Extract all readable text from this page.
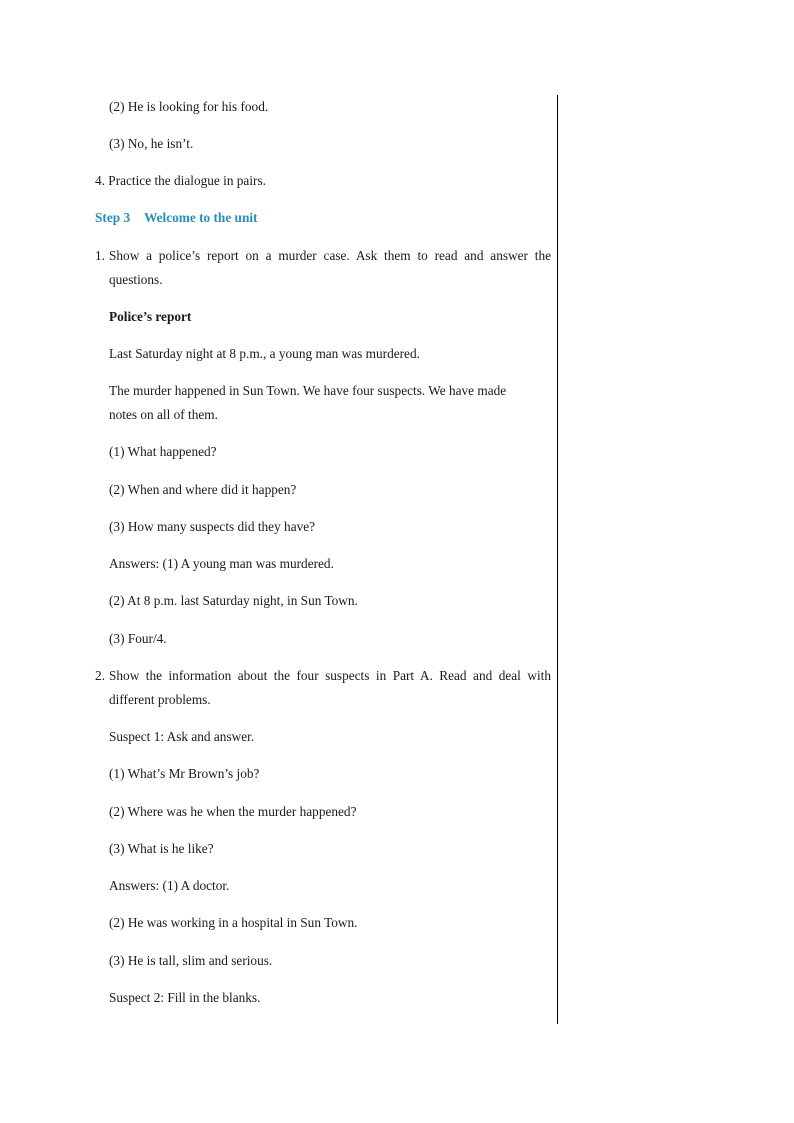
(2) He is looking for his food.
(3) No, he isn’t.
4. Practice the dialogue in pairs.
Step 3 Welcome to the unit
1. Show a police’s report on a murder case. Ask them to read and answer the questions.
Police’s report
Last Saturday night at 8 p.m., a young man was murdered.
The murder happened in Sun Town. We have four suspects. We have made
notes on all of them.
(1) What happened?
(2) When and where did it happen?
(3) How many suspects did they have?
Answers: (1) A young man was murdered.
(2) At 8 p.m. last Saturday night, in Sun Town.
(3) Four/4.
2. Show the information about the four suspects in Part A. Read and deal with different problems.
Suspect 1: Ask and answer.
(1) What’s Mr Brown’s job?
(2) Where was he when the murder happened?
(3) What is he like?
Answers: (1) A doctor.
(2) He was working in a hospital in Sun Town.
(3) He is tall, slim and serious.
Suspect 2: Fill in the blanks.
